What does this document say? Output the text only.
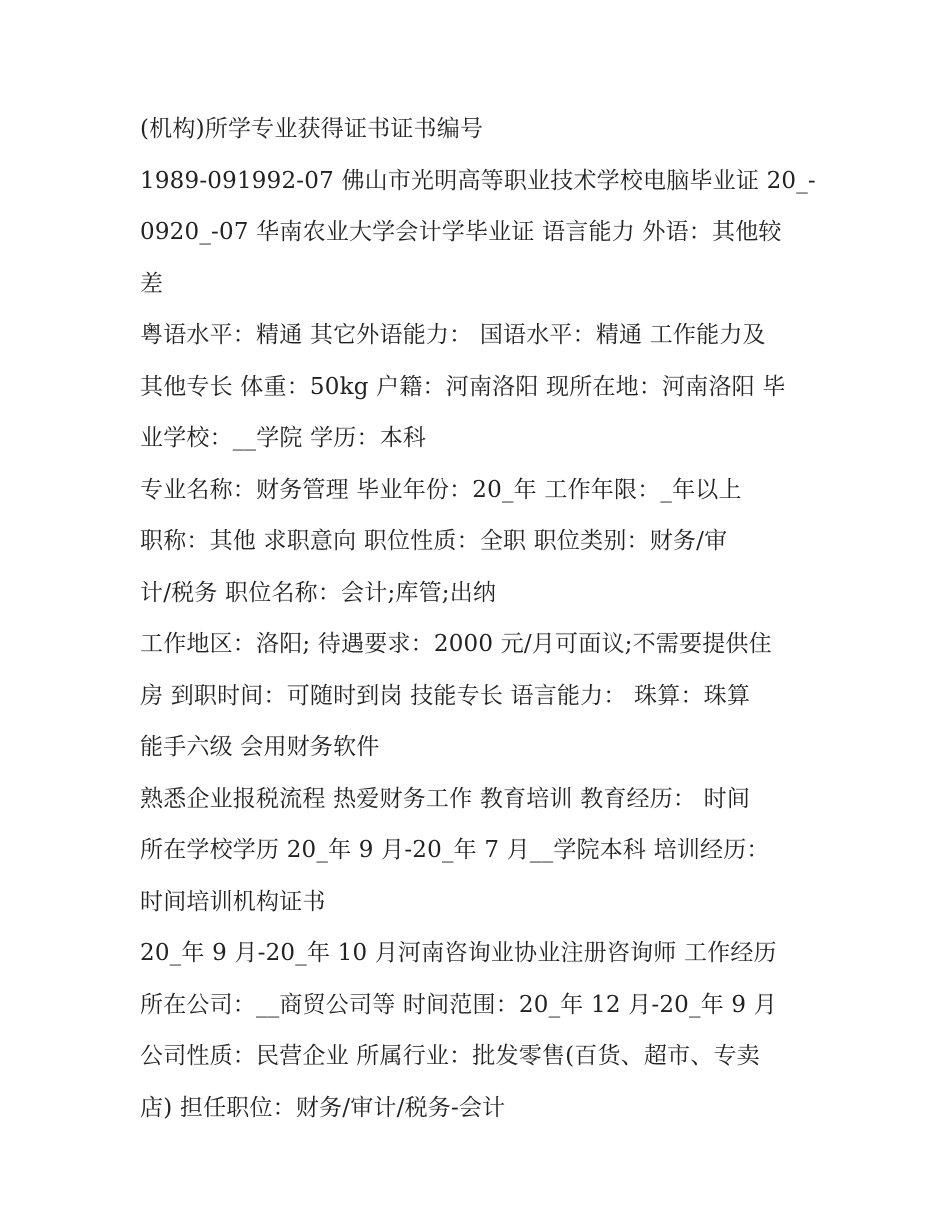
(机构)所学专业获得证书证书编号
1989-091992-07 佛山市光明高等职业技术学校电脑毕业证 20_-
0920_-07 华南农业大学会计学毕业证 语言能力 外语：其他较
差
粤语水平：精通 其它外语能力： 国语水平：精通 工作能力及
其他专长 体重：50kg 户籍：河南洛阳 现所在地：河南洛阳 毕
业学校：__学院 学历：本科
专业名称：财务管理 毕业年份：20_年 工作年限：_年以上
职称：其他 求职意向 职位性质：全职 职位类别：财务/审
计/税务 职位名称：会计;库管;出纳
工作地区：洛阳; 待遇要求：2000 元/月可面议;不需要提供住
房 到职时间：可随时到岗 技能专长 语言能力： 珠算：珠算
能手六级 会用财务软件
熟悉企业报税流程 热爱财务工作 教育培训 教育经历： 时间
所在学校学历 20_年 9 月-20_年 7 月__学院本科 培训经历：
时间培训机构证书
20_年 9 月-20_年 10 月河南咨询业协业注册咨询师 工作经历
所在公司：__商贸公司等 时间范围：20_年 12 月-20_年 9 月
公司性质：民营企业 所属行业：批发零售(百货、超市、专卖
店) 担任职位：财务/审计/税务-会计
